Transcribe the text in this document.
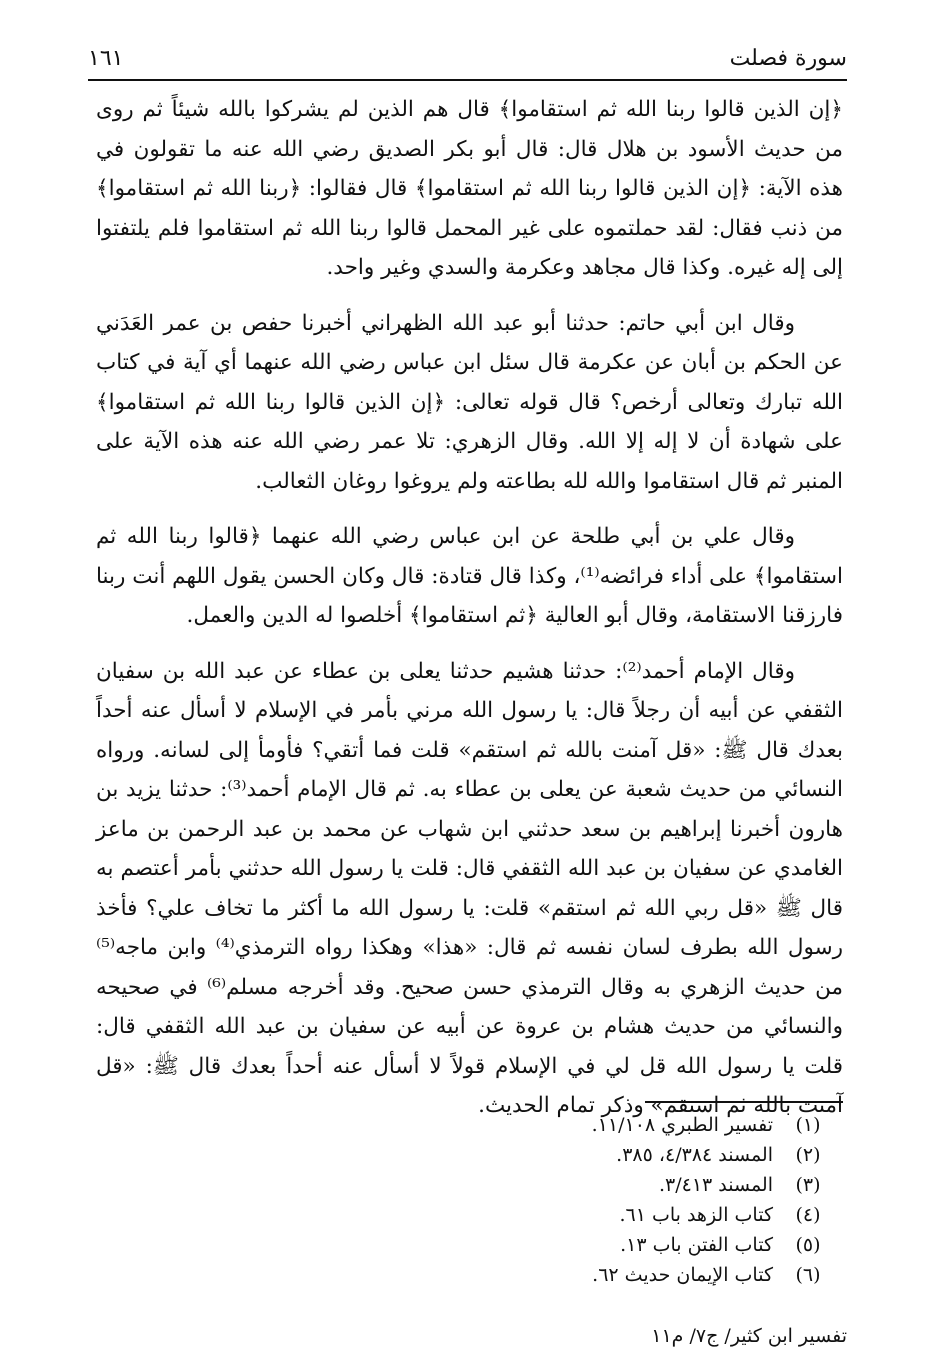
سورة فصلت
١٦١

﴿إن الذين قالوا ربنا الله ثم استقاموا﴾ قال هم الذين لم يشركوا بالله شيئاً ثم روى من حديث الأسود بن هلال قال: قال أبو بكر الصديق رضي الله عنه ما تقولون في هذه الآية: ﴿إن الذين قالوا ربنا الله ثم استقاموا﴾ قال فقالوا: ﴿ربنا الله ثم استقاموا﴾ من ذنب فقال: لقد حملتموه على غير المحمل قالوا ربنا الله ثم استقاموا فلم يلتفتوا إلى إله غيره. وكذا قال مجاهد وعكرمة والسدي وغير واحد.

وقال ابن أبي حاتم: حدثنا أبو عبد الله الظهراني أخبرنا حفص بن عمر العَدَني عن الحكم بن أبان عن عكرمة قال سئل ابن عباس رضي الله عنهما أي آية في كتاب الله تبارك وتعالى أرخص؟ قال قوله تعالى: ﴿إن الذين قالوا ربنا الله ثم استقاموا﴾ على شهادة أن لا إله إلا الله. وقال الزهري: تلا عمر رضي الله عنه هذه الآية على المنبر ثم قال استقاموا والله لله بطاعته ولم يروغوا روغان الثعالب.

وقال علي بن أبي طلحة عن ابن عباس رضي الله عنهما ﴿قالوا ربنا الله ثم استقاموا﴾ على أداء فرائضه⁽¹⁾، وكذا قال قتادة: قال وكان الحسن يقول اللهم أنت ربنا فارزقنا الاستقامة، وقال أبو العالية ﴿ثم استقاموا﴾ أخلصوا له الدين والعمل.

وقال الإمام أحمد⁽²⁾: حدثنا هشيم حدثنا يعلى بن عطاء عن عبد الله بن سفيان الثقفي عن أبيه أن رجلاً قال: يا رسول الله مرني بأمر في الإسلام لا أسأل عنه أحداً بعدك قال ﷺ: «قل آمنت بالله ثم استقم» قلت فما أتقي؟ فأومأ إلى لسانه. ورواه النسائي من حديث شعبة عن يعلى بن عطاء به. ثم قال الإمام أحمد⁽³⁾: حدثنا يزيد بن هارون أخبرنا إبراهيم بن سعد حدثني ابن شهاب عن محمد بن عبد الرحمن بن ماعز الغامدي عن سفيان بن عبد الله الثقفي قال: قلت يا رسول الله حدثني بأمر أعتصم به قال ﷺ «قل ربي الله ثم استقم» قلت: يا رسول الله ما أكثر ما تخاف علي؟ فأخذ رسول الله بطرف لسان نفسه ثم قال: «هذا» وهكذا رواه الترمذي⁽⁴⁾ وابن ماجه⁽⁵⁾ من حديث الزهري به وقال الترمذي حسن صحيح. وقد أخرجه مسلم⁽⁶⁾ في صحيحه والنسائي من حديث هشام بن عروة عن أبيه عن سفيان بن عبد الله الثقفي قال: قلت يا رسول الله قل لي في الإسلام قولاً لا أسأل عنه أحداً بعدك قال ﷺ: «قل آمنت بالله ثم استقم» وذكر تمام الحديث.

(١)
تفسير الطبري ١١/١٠٨.
(٢)
المسند ٤/٣٨٤، ٣٨٥.
(٣)
المسند ٣/٤١٣.
(٤)
كتاب الزهد باب ٦١.
(٥)
كتاب الفتن باب ١٣.
(٦)
كتاب الإيمان حديث ٦٢.
تفسير ابن كثير/ ج٧/ م١١
